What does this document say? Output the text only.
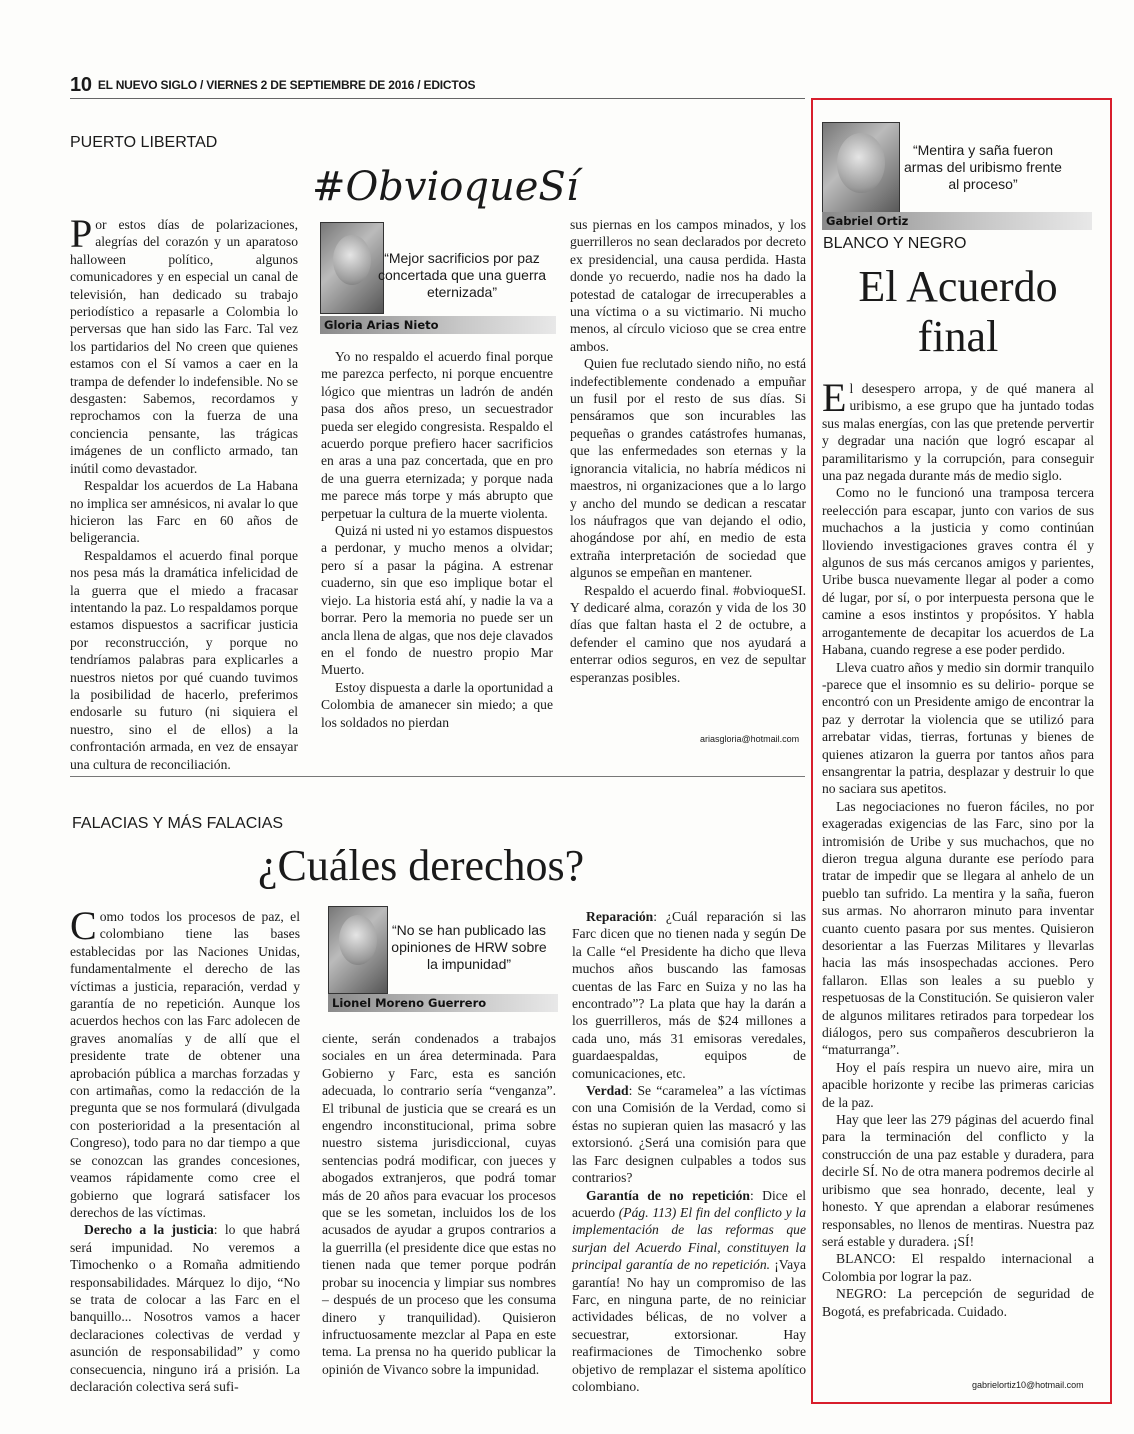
10 EL NUEVO SIGLO / VIERNES 2 DE SEPTIEMBRE DE 2016 / EDICTOS
PUERTO LIBERTAD
#ObvioqueSí
“Mejor sacrificios por paz concertada que una guerra eternizada”
Gloria Arias Nieto

Por estos días de polarizaciones, alegrías del corazón y un aparatoso halloween político, algunos comunicadores y en especial un canal de televisión, han dedicado su trabajo periodístico a repasarle a Colombia lo perversas que han sido las Farc. Tal vez los partidarios del No creen que quienes estamos con el Sí vamos a caer en la trampa de defender lo indefensible. No se desgasten: Sabemos, recordamos y reprochamos con la fuerza de una conciencia pensante, las trágicas imágenes de un conflicto armado, tan inútil como devastador.

Respaldar los acuerdos de La Habana no implica ser amnésicos, ni avalar lo que hicieron las Farc en 60 años de beligerancia.

Respaldamos el acuerdo final porque nos pesa más la dramática infelicidad de la guerra que el miedo a fracasar intentando la paz. Lo respaldamos porque estamos dispuestos a sacrificar justicia por reconstrucción, y porque no tendríamos palabras para explicarles a nuestros nietos por qué cuando tuvimos la posibilidad de hacerlo, preferimos endosarle su futuro (ni siquiera el nuestro, sino el de ellos) a la confrontación armada, en vez de ensayar una cultura de reconciliación.

Yo no respaldo el acuerdo final porque me parezca perfecto, ni porque encuentre lógico que mientras un ladrón de andén pasa dos años preso, un secuestrador pueda ser elegido congresista. Respaldo el acuerdo porque prefiero hacer sacrificios en aras a una paz concertada, que en pro de una guerra eternizada; y porque nada me parece más torpe y más abrupto que perpetuar la cultura de la muerte violenta.

Quizá ni usted ni yo estamos dispuestos a perdonar, y mucho menos a olvidar; pero sí a pasar la página. A estrenar cuaderno, sin que eso implique botar el viejo. La historia está ahí, y nadie la va a borrar. Pero la memoria no puede ser un ancla llena de algas, que nos deje clavados en el fondo de nuestro propio Mar Muerto.

Estoy dispuesta a darle la oportunidad a Colombia de amanecer sin miedo; a que los soldados no pierdan

sus piernas en los campos minados, y los guerrilleros no sean declarados por decreto ex presidencial, una causa perdida. Hasta donde yo recuerdo, nadie nos ha dado la potestad de catalogar de irrecuperables a una víctima o a su victimario. Ni mucho menos, al círculo vicioso que se crea entre ambos.

Quien fue reclutado siendo niño, no está indefectiblemente condenado a empuñar un fusil por el resto de sus días. Si pensáramos que son incurables las pequeñas o grandes catástrofes humanas, que las enfermedades son eternas y la ignorancia vitalicia, no habría médicos ni maestros, ni organizaciones que a lo largo y ancho del mundo se dedican a rescatar los náufragos que van dejando el odio, ahogándose por ahí, en medio de esta extraña interpretación de sociedad que algunos se empeñan en mantener.

Respaldo el acuerdo final. #obvioqueSI. Y dedicaré alma, corazón y vida de los 30 días que faltan hasta el 2 de octubre, a defender el camino que nos ayudará a enterrar odios seguros, en vez de sepultar esperanzas posibles.

ariasgloria@hotmail.com
FALACIAS Y MÁS FALACIAS
¿Cuáles derechos?
“No se han publicado las opiniones de HRW sobre la impunidad”
Lionel Moreno Guerrero

Como todos los procesos de paz, el colombiano tiene las bases establecidas por las Naciones Unidas, fundamentalmente el derecho de las víctimas a justicia, reparación, verdad y garantía de no repetición. Aunque los acuerdos hechos con las Farc adolecen de graves anomalías y de allí que el presidente trate de obtener una aprobación pública a marchas forzadas y con artimañas, como la redacción de la pregunta que se nos formulará (divulgada con posterioridad a la presentación al Congreso), todo para no dar tiempo a que se conozcan las grandes concesiones, veamos rápidamente como cree el gobierno que logrará satisfacer los derechos de las víctimas.

Derecho a la justicia: lo que habrá será impunidad. No veremos a Timochenko o a Romaña admitiendo responsabilidades. Márquez lo dijo, “No se trata de colocar a las Farc en el banquillo... Nosotros vamos a hacer declaraciones colectivas de verdad y asunción de responsabilidad” y como consecuencia, ninguno irá a prisión. La declaración colectiva será sufi-

ciente, serán condenados a trabajos sociales en un área determinada. Para Gobierno y Farc, esta es sanción adecuada, lo contrario sería “venganza”. El tribunal de justicia que se creará es un engendro inconstitucional, prima sobre nuestro sistema jurisdiccional, cuyas sentencias podrá modificar, con jueces y abogados extranjeros, que podrá tomar más de 20 años para evacuar los procesos que se les sometan, incluidos los de los acusados de ayudar a grupos contrarios a la guerrilla (el presidente dice que estas no tienen nada que temer porque podrán probar su inocencia y limpiar sus nombres – después de un proceso que les consuma dinero y tranquilidad). Quisieron infructuosamente mezclar al Papa en este tema. La prensa no ha querido publicar la opinión de Vivanco sobre la impunidad.

Reparación: ¿Cuál reparación si las Farc dicen que no tienen nada y según De la Calle “el Presidente ha dicho que lleva muchos años buscando las famosas cuentas de las Farc en Suiza y no las ha encontrado”? La plata que hay la darán a los guerrilleros, más de $24 millones a cada uno, más 31 emisoras veredales, guardaespaldas, equipos de comunicaciones, etc.

Verdad: Se “caramelea” a las víctimas con una Comisión de la Verdad, como si éstas no supieran quien las masacró y las extorsionó. ¿Será una comisión para que las Farc designen culpables a todos sus contrarios?

Garantía de no repetición: Dice el acuerdo (Pág. 113) El fin del conflicto y la implementación de las reformas que surjan del Acuerdo Final, constituyen la principal garantía de no repetición. ¡Vaya garantía! No hay un compromiso de las Farc, en ninguna parte, de no reiniciar actividades bélicas, de no volver a secuestrar, extorsionar. Hay reafirmaciones de Timochenko sobre objetivo de remplazar el sistema apolítico colombiano.

“Mentira y saña fueron armas del uribismo frente al proceso”
Gabriel Ortiz
BLANCO Y NEGRO
El Acuerdo
final

El desespero arropa, y de qué manera al uribismo, a ese grupo que ha juntado todas sus malas energías, con las que pretende pervertir y degradar una nación que logró escapar al paramilitarismo y la corrupción, para conseguir una paz negada durante más de medio siglo.

Como no le funcionó una tramposa tercera reelección para escapar, junto con varios de sus muchachos a la justicia y como continúan lloviendo investigaciones graves contra él y algunos de sus más cercanos amigos y parientes, Uribe busca nuevamente llegar al poder a como dé lugar, por sí, o por interpuesta persona que le camine a esos instintos y propósitos. Y habla arrogantemente de decapitar los acuerdos de La Habana, cuando regrese a ese poder perdido.

Lleva cuatro años y medio sin dormir tranquilo -parece que el insomnio es su delirio- porque se encontró con un Presidente amigo de encontrar la paz y derrotar la violencia que se utilizó para arrebatar vidas, tierras, fortunas y bienes de quienes atizaron la guerra por tantos años para ensangrentar la patria, desplazar y destruir lo que no saciara sus apetitos.

Las negociaciones no fueron fáciles, no por exageradas exigencias de las Farc, sino por la intromisión de Uribe y sus muchachos, que no dieron tregua alguna durante ese período para tratar de impedir que se llegara al anhelo de un pueblo tan sufrido. La mentira y la saña, fueron sus armas. No ahorraron minuto para inventar cuanto cuento pasara por sus mentes. Quisieron desorientar a las Fuerzas Militares y llevarlas hacia las más insospechadas acciones. Pero fallaron. Ellas son leales a su pueblo y respetuosas de la Constitución. Se quisieron valer de algunos militares retirados para torpedear los diálogos, pero sus compañeros descubrieron la “maturranga”.

Hoy el país respira un nuevo aire, mira un apacible horizonte y recibe las primeras caricias de la paz.

Hay que leer las 279 páginas del acuerdo final para la terminación del conflicto y la construcción de una paz estable y duradera, para decirle SÍ. No de otra manera podremos decirle al uribismo que sea honrado, decente, leal y honesto. Y que aprendan a elaborar resúmenes responsables, no llenos de mentiras. Nuestra paz será estable y duradera. ¡SÍ!

BLANCO: El respaldo internacional a Colombia por lograr la paz.

NEGRO: La percepción de seguridad de Bogotá, es prefabricada. Cuidado.

gabrielortiz10@hotmail.com
